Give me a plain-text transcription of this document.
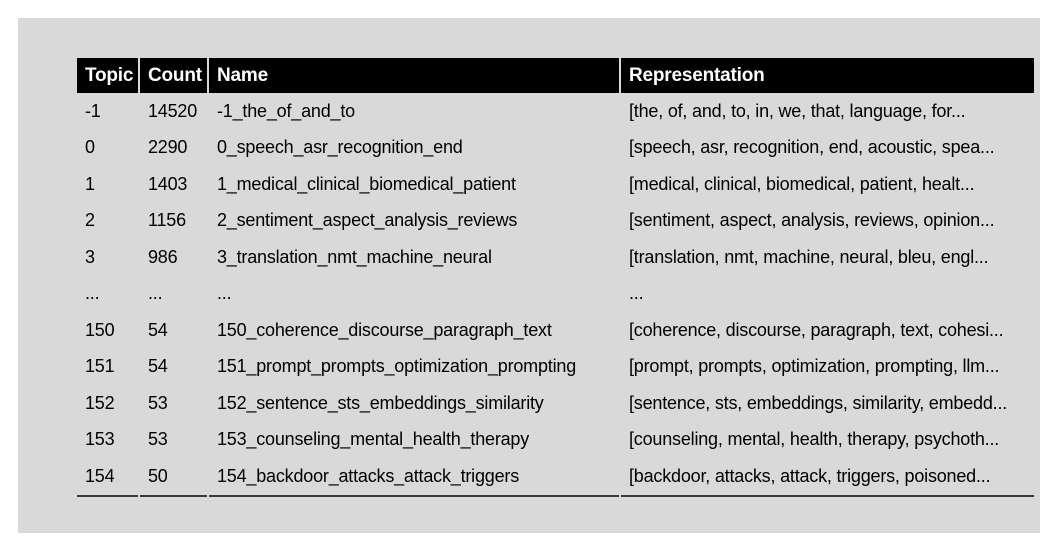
Topic	Count	Name	Representation
-1	14520	-1_the_of_and_to	[the, of, and, to, in, we, that, language, for...
0	2290	0_speech_asr_recognition_end	[speech, asr, recognition, end, acoustic, spea...
1	1403	1_medical_clinical_biomedical_patient	[medical, clinical, biomedical, patient, healt...
2	1156	2_sentiment_aspect_analysis_reviews	[sentiment, aspect, analysis, reviews, opinion...
3	986	3_translation_nmt_machine_neural	[translation, nmt, machine, neural, bleu, engl...
...	...	...	...
150	54	150_coherence_discourse_paragraph_text	[coherence, discourse, paragraph, text, cohesi...
151	54	151_prompt_prompts_optimization_prompting	[prompt, prompts, optimization, prompting, llm...
152	53	152_sentence_sts_embeddings_similarity	[sentence, sts, embeddings, similarity, embedd...
153	53	153_counseling_mental_health_therapy	[counseling, mental, health, therapy, psychoth...
154	50	154_backdoor_attacks_attack_triggers	[backdoor, attacks, attack, triggers, poisoned...
